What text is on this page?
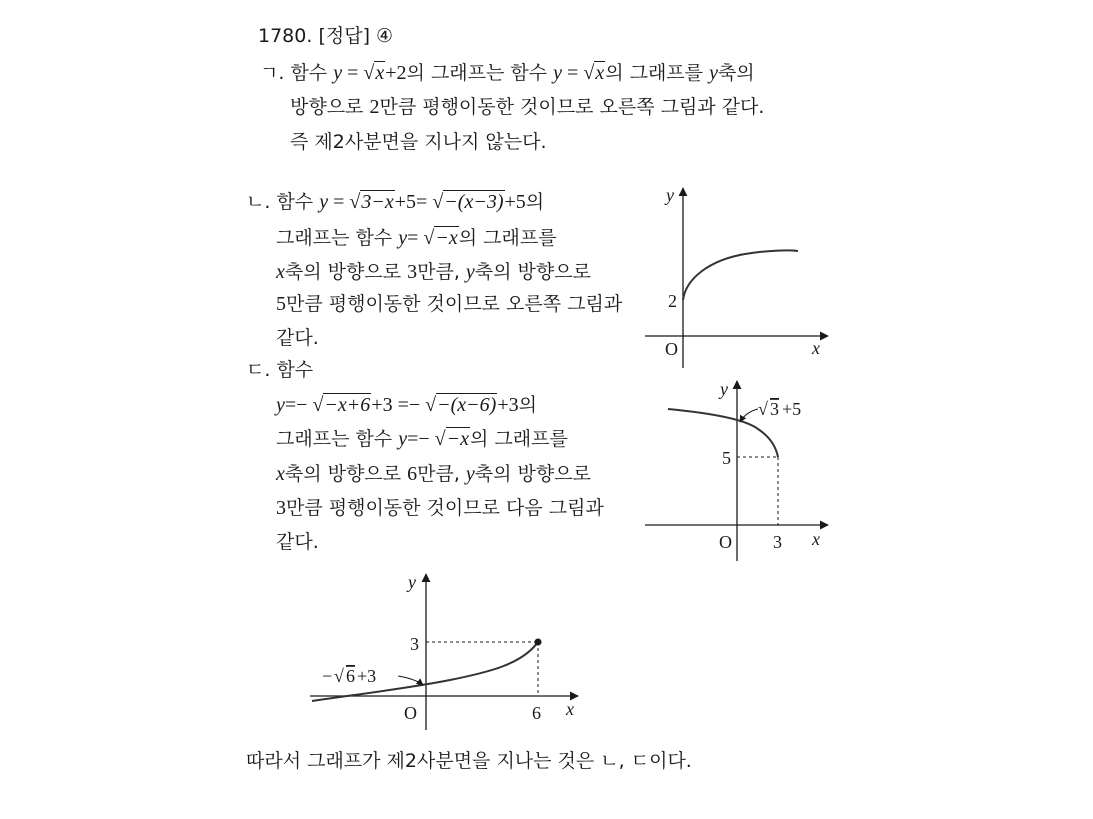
1780. [정답] ④
ㄱ. 함수 y = √x+2의 그래프는 함수 y = √x의 그래프를 y축의
방향으로 2만큼 평행이동한 것이므로 오른쪽 그림과 같다.
즉 제2사분면을 지나지 않는다.
ㄴ. 함수 y = √3−x+5= √−(x−3)+5의
그래프는 함수 y= √−x의 그래프를
x축의 방향으로 3만큼, y축의 방향으로
5만큼 평행이동한 것이므로 오른쪽 그림과
같다.
ㄷ. 함수
y=− √−x+6+3 =− √−(x−6)+3의
그래프는 함수 y=− √−x의 그래프를
x축의 방향으로 6만큼, y축의 방향으로
3만큼 평행이동한 것이므로 다음 그림과
같다.
y
x
O
2
√ 3 +5
y
x
O 3
5
− √ 6 +3
y
x
O	6
3
따라서 그래프가 제2사분면을 지나는 것은 ㄴ, ㄷ이다.
